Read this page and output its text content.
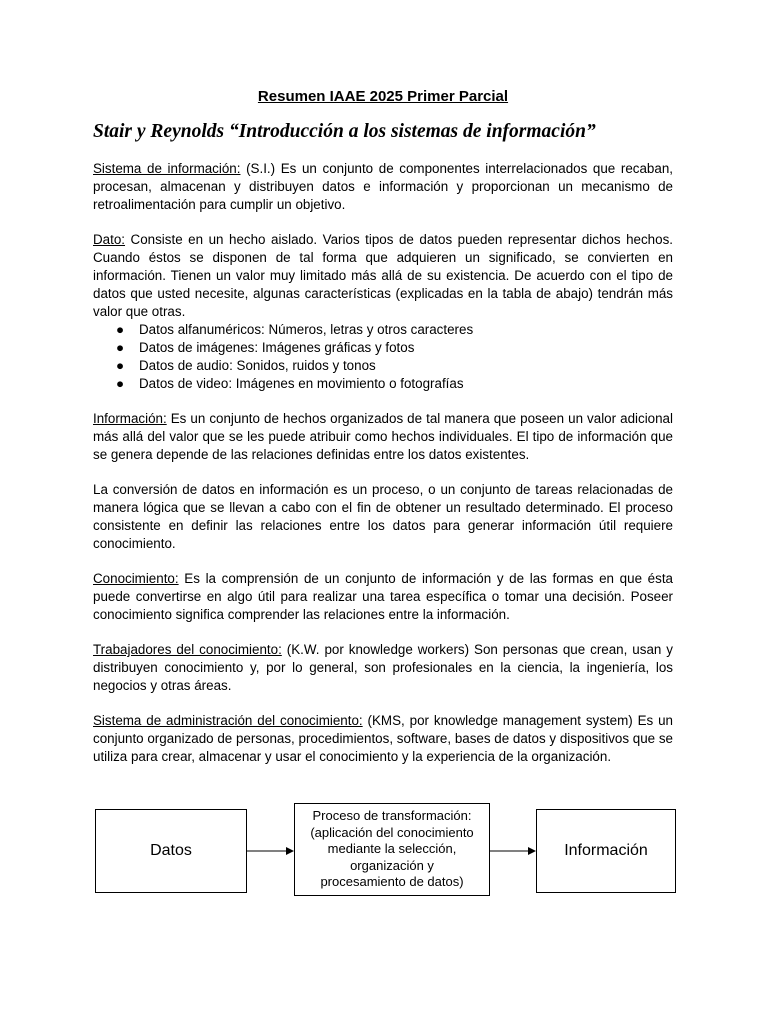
Resumen IAAE 2025 Primer Parcial
Stair y Reynolds “Introducción a los sistemas de información”

Sistema de información: (S.I.) Es un conjunto de componentes interrelacionados que recaban, procesan, almacenan y distribuyen datos e información y proporcionan un mecanismo de retroalimentación para cumplir un objetivo.

Dato: Consiste en un hecho aislado. Varios tipos de datos pueden representar dichos hechos. Cuando éstos se disponen de tal forma que adquieren un significado, se convierten en información. Tienen un valor muy limitado más allá de su existencia. De acuerdo con el tipo de datos que usted necesite, algunas características (explicadas en la tabla de abajo) tendrán más valor que otras.

● Datos alfanuméricos: Números, letras y otros caracteres
● Datos de imágenes: Imágenes gráficas y fotos
● Datos de audio: Sonidos, ruidos y tonos
● Datos de video: Imágenes en movimiento o fotografías

Información: Es un conjunto de hechos organizados de tal manera que poseen un valor adicional más allá del valor que se les puede atribuir como hechos individuales. El tipo de información que se genera depende de las relaciones definidas entre los datos existentes.

La conversión de datos en información es un proceso, o un conjunto de tareas relacionadas de manera lógica que se llevan a cabo con el fin de obtener un resultado determinado. El proceso consistente en definir las relaciones entre los datos para generar información útil requiere conocimiento.

Conocimiento: Es la comprensión de un conjunto de información y de las formas en que ésta puede convertirse en algo útil para realizar una tarea específica o tomar una decisión. Poseer conocimiento significa comprender las relaciones entre la información.

Trabajadores del conocimiento: (K.W. por knowledge workers) Son personas que crean, usan y distribuyen conocimiento y, por lo general, son profesionales en la ciencia, la ingeniería, los negocios y otras áreas.

Sistema de administración del conocimiento: (KMS, por knowledge management system) Es un conjunto organizado de personas, procedimientos, software, bases de datos y dispositivos que se utiliza para crear, almacenar y usar el conocimiento y la experiencia de la organización.

Datos
Proceso de transformación:
(aplicación del conocimiento
mediante la selección,
organización y
procesamiento de datos)
Información
